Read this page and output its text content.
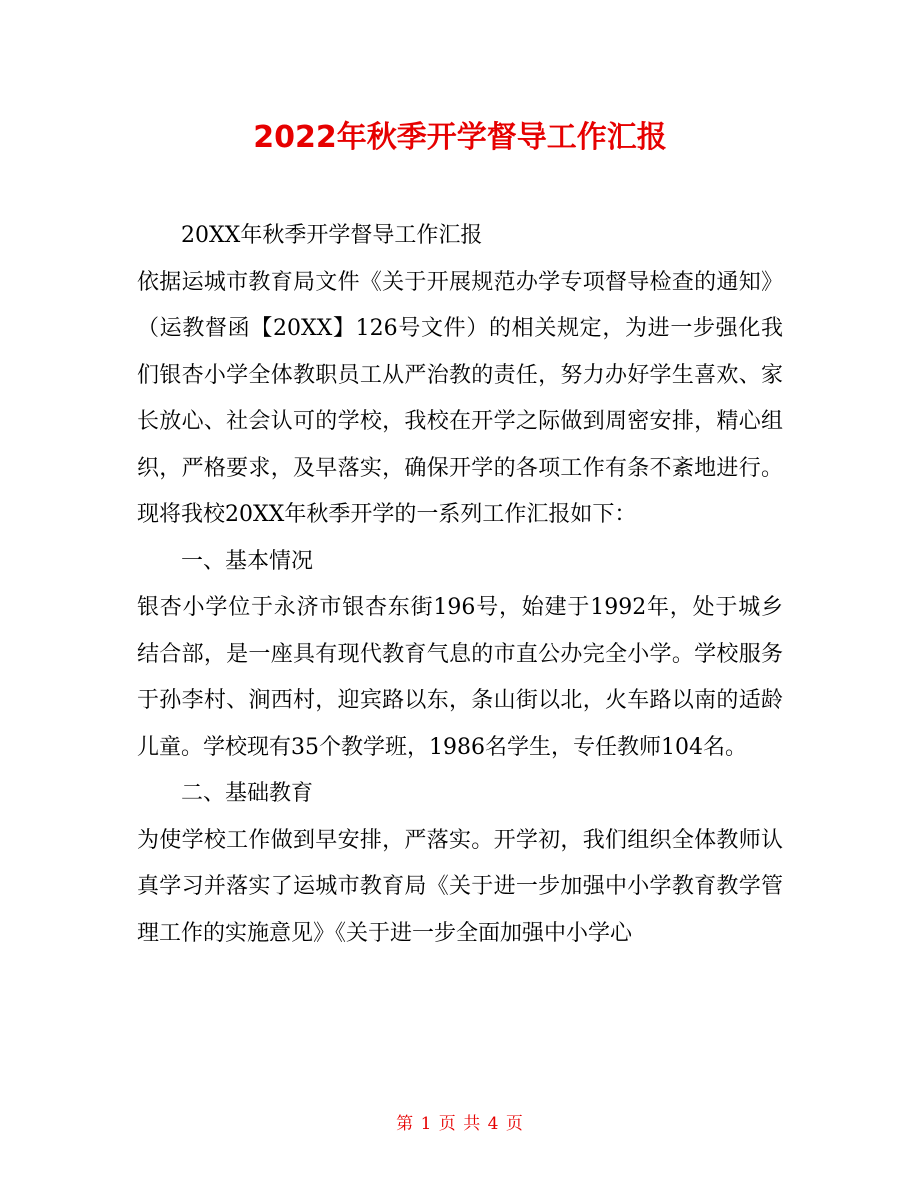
2022年秋季开学督导工作汇报

20XX年秋季开学督导工作汇报

依据运城市教育局文件《关于开展规范办学专项督导检查的通知》（运教督函【20XX】126号文件）的相关规定，为进一步强化我们银杏小学全体教职员工从严治教的责任，努力办好学生喜欢、家长放心、社会认可的学校，我校在开学之际做到周密安排，精心组织，严格要求，及早落实，确保开学的各项工作有条不紊地进行。现将我校20XX年秋季开学的一系列工作汇报如下：

一、基本情况

银杏小学位于永济市银杏东街196号，始建于1992年，处于城乡结合部，是一座具有现代教育气息的市直公办完全小学。学校服务于孙李村、涧西村，迎宾路以东，条山街以北，火车路以南的适龄儿童。学校现有35个教学班，1986名学生，专任教师104名。

二、基础教育

为使学校工作做到早安排，严落实。开学初，我们组织全体教师认真学习并落实了运城市教育局《关于进一步加强中小学教育教学管理工作的实施意见》《关于进一步全面加强中小学心

第 1 页 共 4 页
